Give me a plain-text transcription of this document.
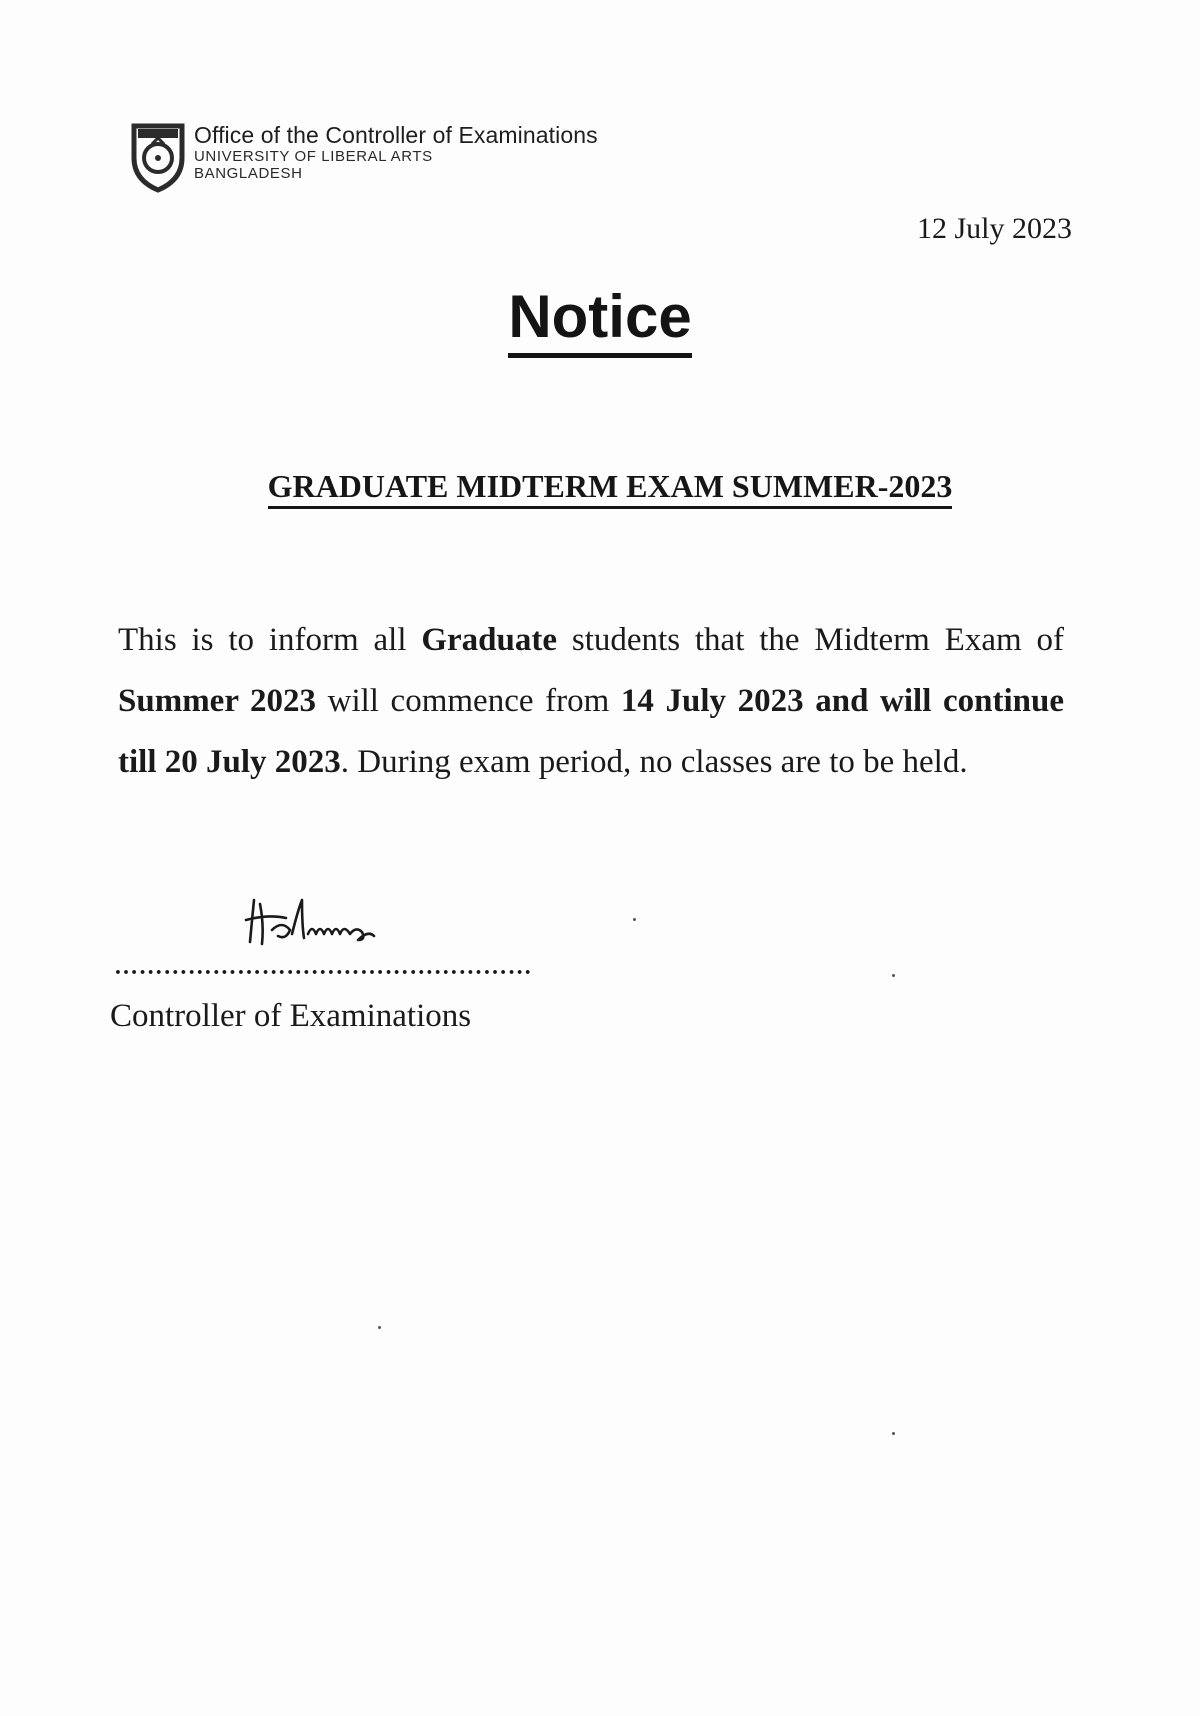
Office of the Controller of Examinations
UNIVERSITY OF LIBERAL ARTS
BANGLADESH
12 July 2023
Notice
GRADUATE MIDTERM EXAM SUMMER-2023
This is to inform all Graduate students that the Midterm Exam of Summer 2023 will commence from 14 July 2023 and will continue till 20 July 2023. During exam period, no classes are to be held.
……………………………………………
Controller of Examinations
